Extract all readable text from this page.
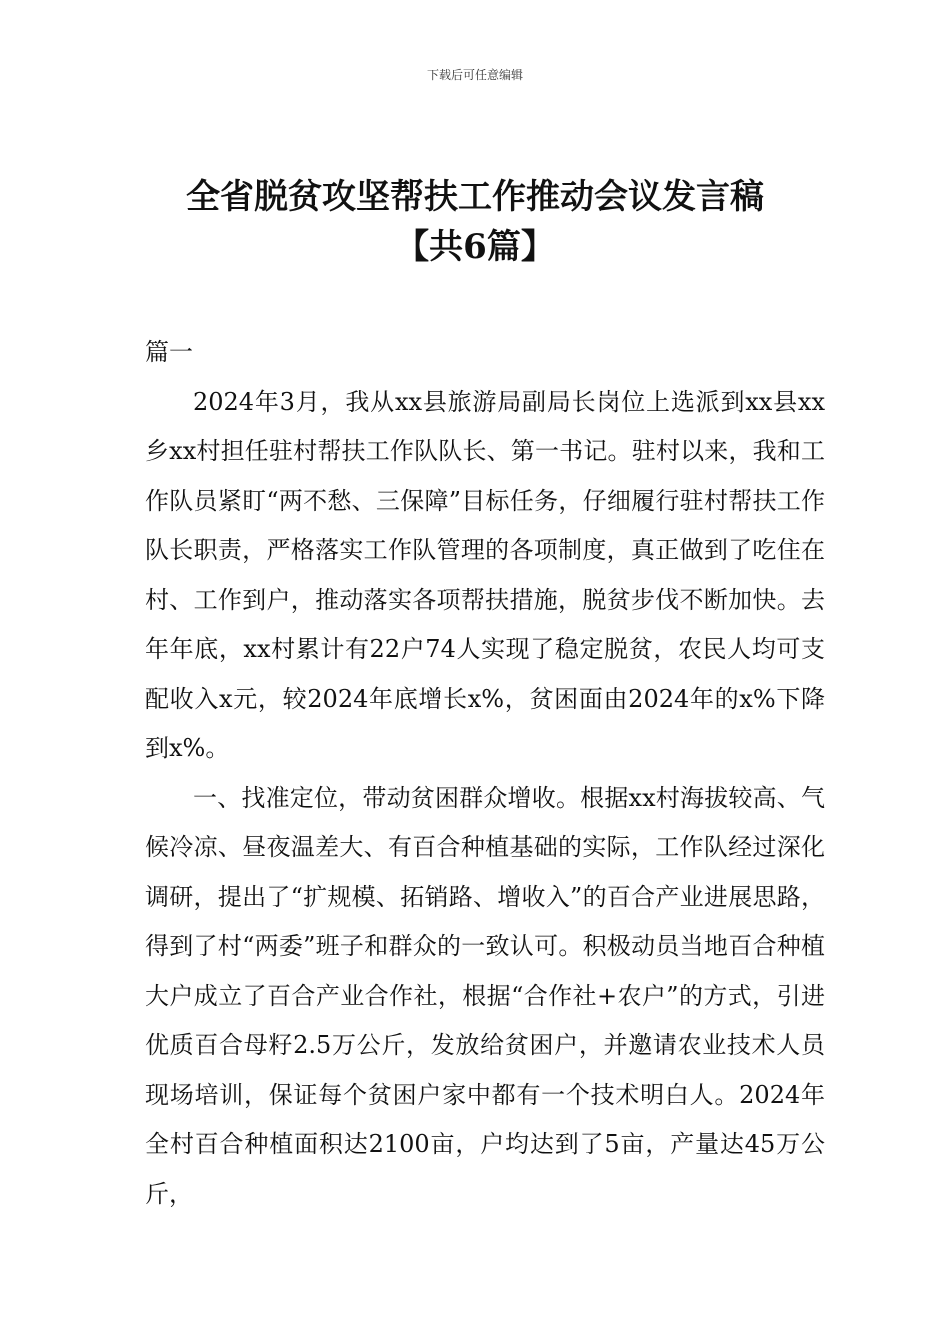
下载后可任意编辑
全省脱贫攻坚帮扶工作推动会议发言稿
【共6篇】

篇一

2024年3月，我从xx县旅游局副局长岗位上选派到xx县xx乡xx村担任驻村帮扶工作队队长、第一书记。驻村以来，我和工作队员紧盯“两不愁、三保障”目标任务，仔细履行驻村帮扶工作队长职责，严格落实工作队管理的各项制度，真正做到了吃住在村、工作到户，推动落实各项帮扶措施，脱贫步伐不断加快。去年年底，xx村累计有22户74人实现了稳定脱贫，农民人均可支配收入x元，较2024年底增长x%，贫困面由2024年的x%下降到x%。

一、找准定位，带动贫困群众增收。根据xx村海拔较高、气候冷凉、昼夜温差大、有百合种植基础的实际，工作队经过深化调研，提出了“扩规模、拓销路、增收入”的百合产业进展思路，得到了村“两委”班子和群众的一致认可。积极动员当地百合种植大户成立了百合产业合作社，根据“合作社+农户”的方式，引进优质百合母籽2.5万公斤，发放给贫困户，并邀请农业技术人员现场培训，保证每个贫困户家中都有一个技术明白人。2024年全村百合种植面积达2100亩，户均达到了5亩，产量达45万公斤，
